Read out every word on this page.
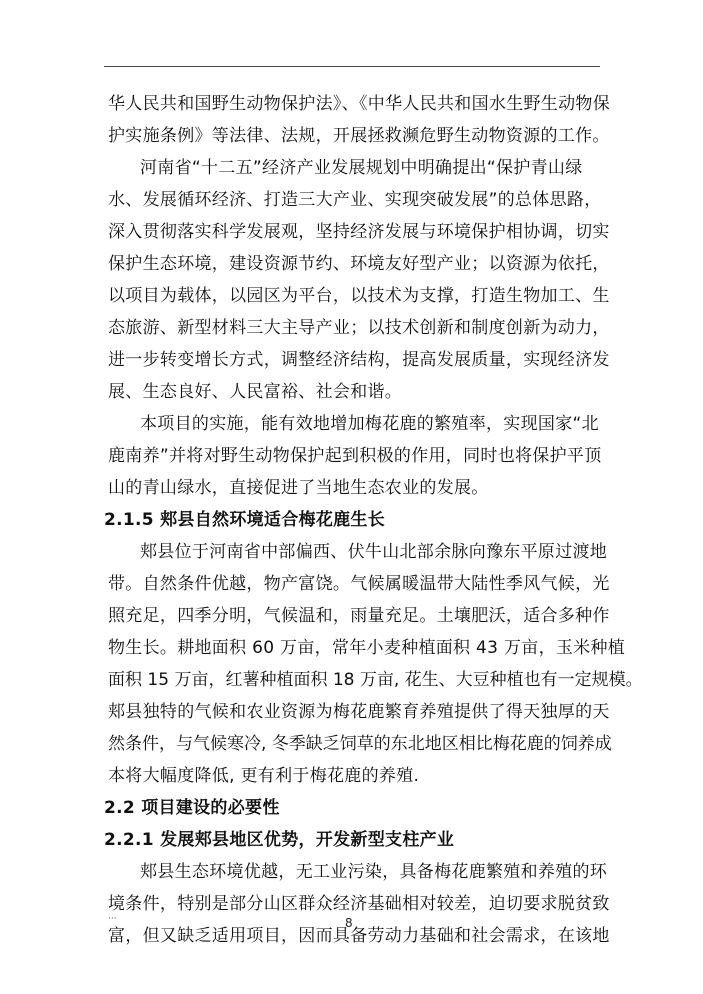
华人民共和国野生动物保护法》、《中华人民共和国水生野生动物保
护实施条例》等法律、法规，开展拯救濒危野生动物资源的工作。
河南省“十二五”经济产业发展规划中明确提出“保护青山绿
水、发展循环经济、打造三大产业、实现突破发展”的总体思路，
深入贯彻落实科学发展观，坚持经济发展与环境保护相协调，切实
保护生态环境，建设资源节约、环境友好型产业；以资源为依托，
以项目为载体，以园区为平台，以技术为支撑，打造生物加工、生
态旅游、新型材料三大主导产业；以技术创新和制度创新为动力，
进一步转变增长方式，调整经济结构，提高发展质量，实现经济发
展、生态良好、人民富裕、社会和谐。
本项目的实施，能有效地增加梅花鹿的繁殖率，实现国家“北
鹿南养”并将对野生动物保护起到积极的作用，同时也将保护平顶
山的青山绿水，直接促进了当地生态农业的发展。
2.1.5 郏县自然环境适合梅花鹿生长
郏县位于河南省中部偏西、伏牛山北部余脉向豫东平原过渡地
带。自然条件优越，物产富饶。气候属暖温带大陆性季风气候，光
照充足，四季分明，气候温和，雨量充足。土壤肥沃，适合多种作
物生长。耕地面积 60 万亩，常年小麦种植面积 43 万亩，玉米种植
面积 15 万亩，红薯种植面积 18 万亩, 花生、大豆种植也有一定规模。
郏县独特的气候和农业资源为梅花鹿繁育养殖提供了得天独厚的天
然条件，与气候寒冷, 冬季缺乏饲草的东北地区相比梅花鹿的饲养成
本将大幅度降低, 更有利于梅花鹿的养殖.
2.2 项目建设的必要性
2.2.1 发展郏县地区优势，开发新型支柱产业
郏县生态环境优越，无工业污染，具备梅花鹿繁殖和养殖的环
境条件，特别是部分山区群众经济基础相对较差，迫切要求脱贫致
富，但又缺乏适用项目，因而具备劳动力基础和社会需求，在该地
···	8
